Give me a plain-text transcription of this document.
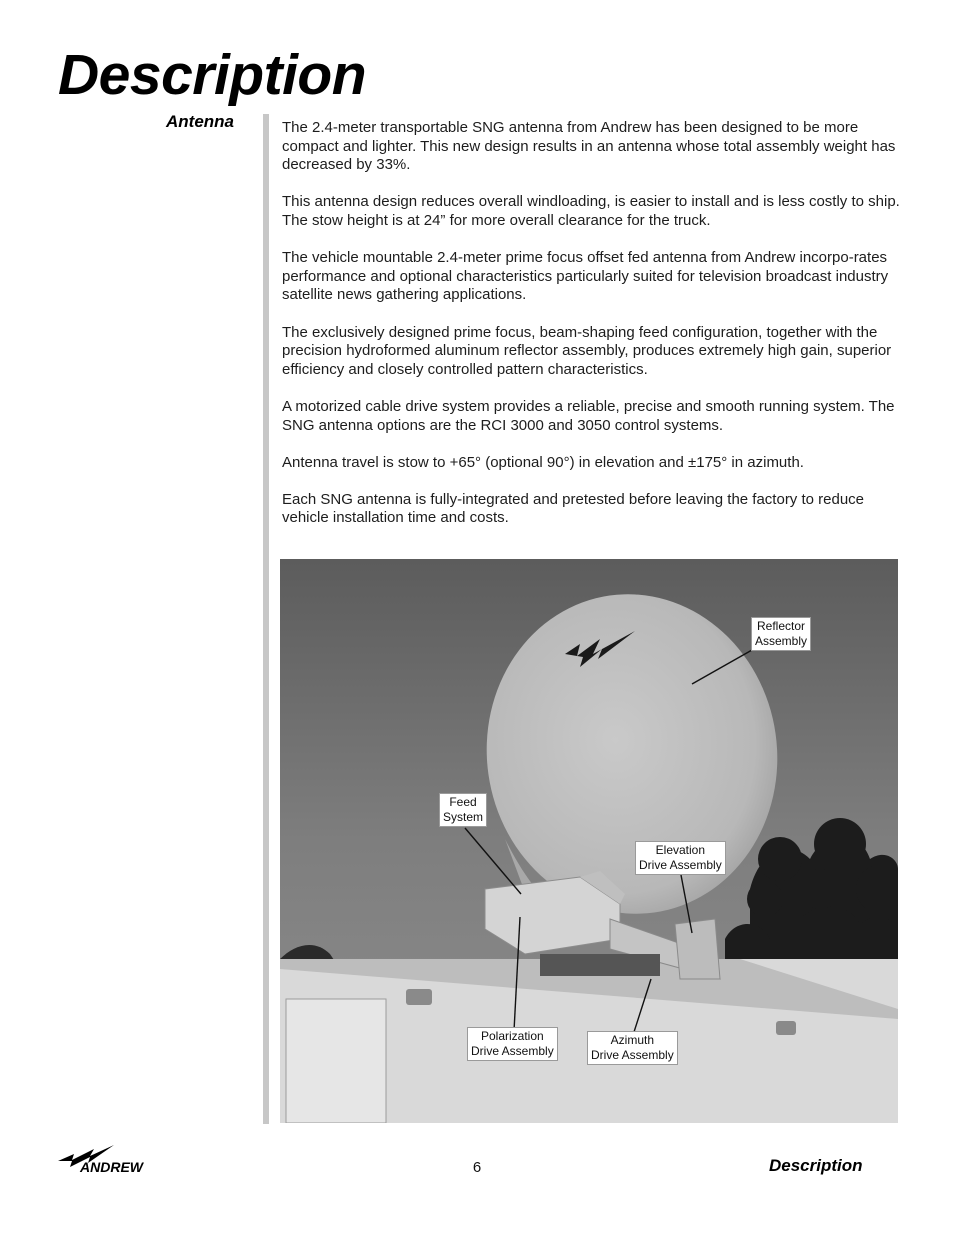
Description
Antenna	The 2.4-meter transportable SNG antenna from Andrew has been designed to be more compact and lighter. This new design results in an antenna whose total assembly weight has decreased by 33%.

This antenna design reduces overall windloading, is easier to install and is less costly to ship. The stow height is at 24” for more overall clearance for the truck.

The vehicle mountable 2.4-meter prime focus offset fed antenna from Andrew incorpo-rates performance and optional characteristics particularly suited for television broadcast industry satellite news gathering applications.

The exclusively designed prime focus, beam-shaping feed configuration, together with the precision hydroformed aluminum reflector assembly, produces extremely high gain, superior efficiency and closely controlled pattern characteristics.

A motorized cable drive system provides a reliable, precise and smooth running system. The SNG antenna options are the RCI 3000 and 3050 control systems.

Antenna travel is stow to +65° (optional 90°) in elevation and ±175° in azimuth.

Each SNG antenna is fully-integrated and pretested before leaving the factory to reduce vehicle installation time and costs.

Reflector
Assembly
Feed
System
Elevation
Drive Assembly
Polarization
Drive Assembly
Azimuth
Drive Assembly
ANDREW	6	Description
